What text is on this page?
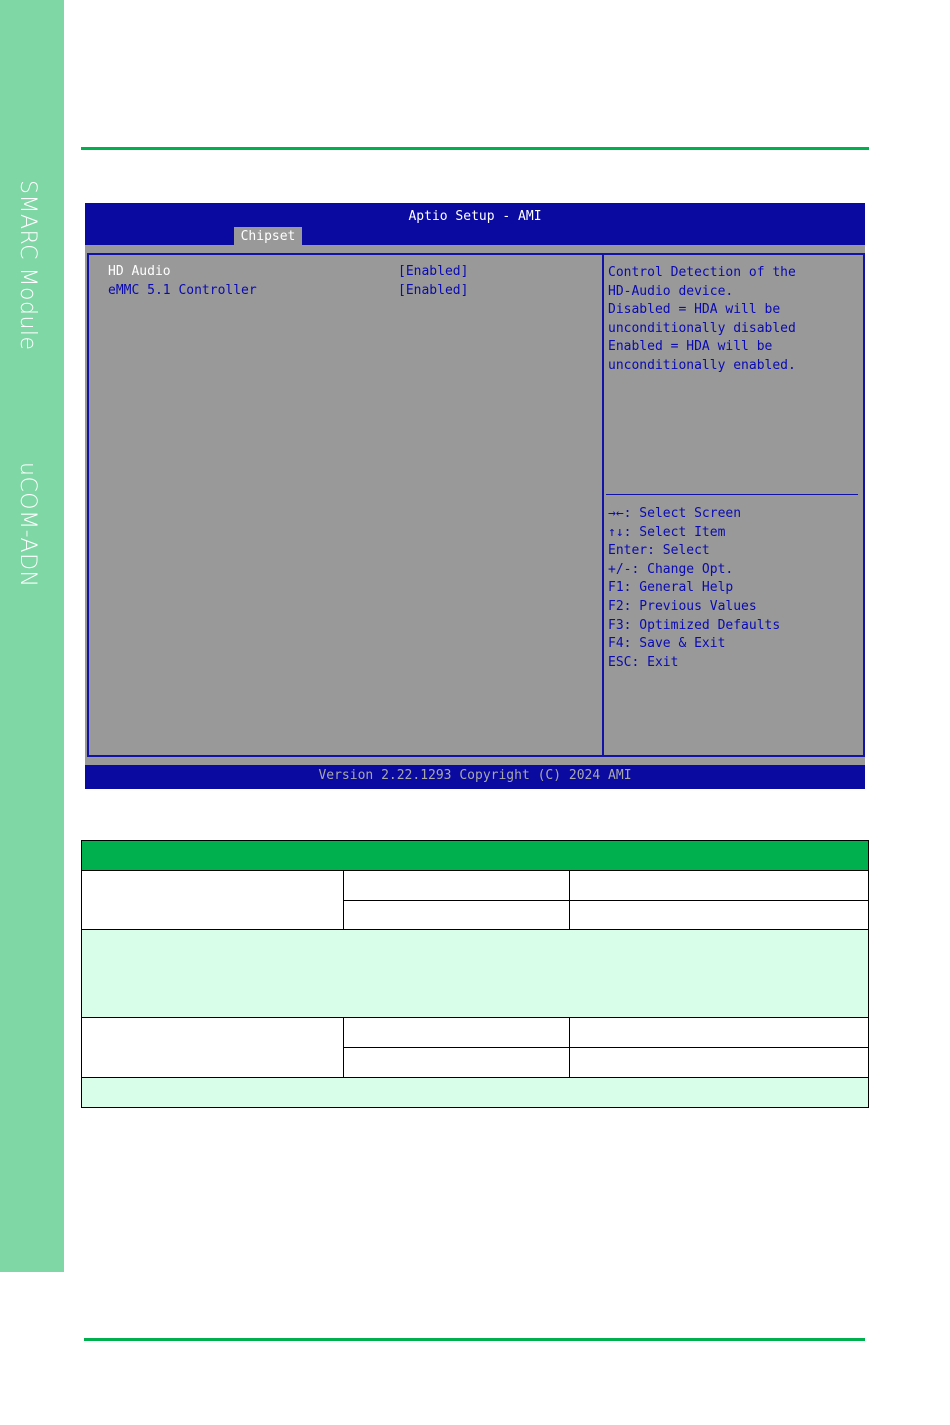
SMARC Module
uCOM-ADN
Aptio Setup - AMI
Chipset
HD Audio	[Enabled]
eMMC 5.1 Controller	[Enabled]
Control Detection of the
HD-Audio device.
Disabled = HDA will be
unconditionally disabled
Enabled = HDA will be
unconditionally enabled.
→←: Select Screen
↑↓: Select Item
Enter: Select
+/-: Change Opt.
F1: General Help
F2: Previous Values
F3: Optimized Defaults
F4: Save & Exit
ESC: Exit
Version 2.22.1293 Copyright (C) 2024 AMI
